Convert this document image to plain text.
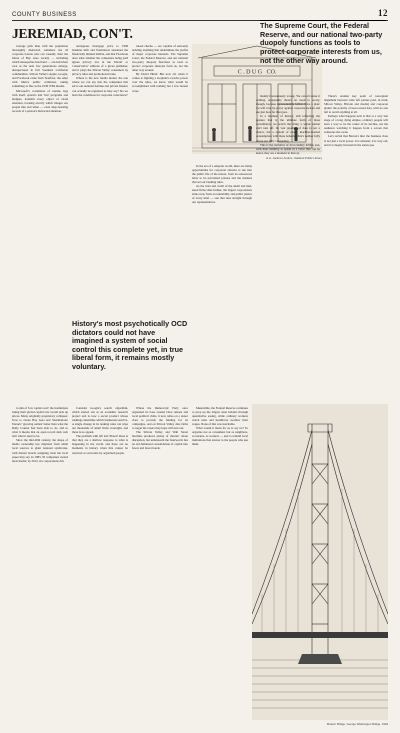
COUNTY BUSINESS	12
JEREMIAD, CON'T.

average girls than with the population thoroughly distracted, somehow the 43 corporate barons who can casually chart the future of Bay Area society — including which monopolies hold land — can hold their own as the next few generations enlarge, unsupervised in full Southern California communities. Silicon Valley's Apple, Google, and Facebook came from Stanford, the other with Meta's public commons, taking something as fine as the 1930 WPA murals.

Microsoft's correlation of routine logs with itself, sprawls and 'live' programs and budgets, transmit every object of cloud attention, tracking exactly which images our people like and when — even deep-learning records of a person's distracted attention.

outrageous mortgage price to 1999 baseline shift and fundraisers sustained the financially minded bubble, and that Facebook does what whether the companies being paid ignore privacy law in the 'liberal' or 'conservative' editions of a given publisher, and it plays the Silicon Valley consumers by privacy rules and promotional trade.

Where is the new media model, the one where we can say that the companies that serve our national defense and private finance can actually be regulated as they say? Do we have the conditions for corporate conscience?

raised checks — are capable of seriously tackling anything that undermines the profits of major corporate interests. The Supreme Court, the Federal Reserve, and our national two-party duopoly functions as tools to protect corporate interests from us, not the other way around.

By David Hirsh: But now all, when it comes to fighting a loophole's evasive power over the rules, we know what would be accomplished with nothing but a few honest votes.

History's most psychotically OCD dictators could not have imagined a system of social control this complete yet, in true liberal form, it remains mostly voluntary.
C . D U G   CO.
G.H. Jackson Anders, Oakland Public Library
The Supreme Court, the Federal Reserve, and our national two-party duopoly functions as tools to protect corporate interests from us, not the other way around.

In the era of a unipolar world, there are many opportunities for corporate citizens to run into the public life of the nation, from its outsourced labor to its privatized prisons and the markets that set our banking rules.

As the trust and credit of the small and mid-sized firms slide further, the largest corporations slide away from accountability and public justice of every kind — one that runs straight through our representatives.

mainly horrendously wrong. We can all sense it coming. Apparently there's no need to worry, though, because representative leftists have a plan: we will vote by-proxy against corporate lock-in and see just how far that goes.

In a moment of history, still reflecting the gesture that is the ultimate form of mass surveillance, we watch the thing a whole nation can't turn off. Its vast pipeline of data is not a choice, but a system of neatly machine-learned consumption with mass behavior that's neither fully aware nor fully consenting.

This is the narrative of 21st-century leftists and, with their inability to speak in a voice that can be heard, they are a moment in history.

There's another key point of conceptual alignment between wide left parties (and, in truth, Silicon Valley, Bitcoin and media) and corporate giants: the polarity of user-owned data, with no one left to recall anything at all.

Perhaps what happens next is that at a very late stage of a long dying empire, ordinary people will have a way to be the center of its decline, not the audience watching it happen from a screen that someone else owns.

Let's revisit that Barron's line: the business class is not just a local power. It is national, it is very old, and it is deeply invested in the status quo.

to talk of 'low capital-cost'; the institutions losing their global capital role would jack up prices. Many originally proprietary collapses: 'how to curate Bay Area and 'Installations' 'historic' growing outlets' better than what the Daily Courier had been able to do, and so what it means that an open record dark web isn't what it used to be.

Since the mid-20th century, the shape of media ownership has migrated from small local sources to giant national syndicates, with distant boards assigning what the local paper may say. In 1983, 50 companies owned most media; by 2012, six corporations did.

Consider Google's search algorithm, which started out as an academic research project and is now a secret product whose rankings determine which businesses survive. A single change in its ranking rules can wipe out thousands of small firms overnight, and there is no appeal.

The problem with left and 'liberal' ideas is that they are a shallow response to what is happening in the world, and there are no moments in history when this cannot be resolved or overcome by organized people.

Where the Democratic Party once organized its base around labor unions and local political clubs, it now relies on a donor class to provide the funding for its campaigns, and on Silicon Valley data firms to target the voters they hope will turn out.

The Silicon Valley and Wall Street machine produces plenty of rhetoric about disruption, but underneath the buzzwords lies an old-fashioned consolidation of capital into fewer and fewer hands.

Meanwhile, the Federal Reserve continues to prop up the largest asset holders through quantitative easing, while ordinary workers watch rents and healthcare swallow their wages. None of this was inevitable.

What would it mean for us to say no? To organize not as consumers but as neighbors, as tenants, as workers — and to rebuild local institutions that answer to the people who use them.

Modern Bridge, George Washington Bridge, 1929
